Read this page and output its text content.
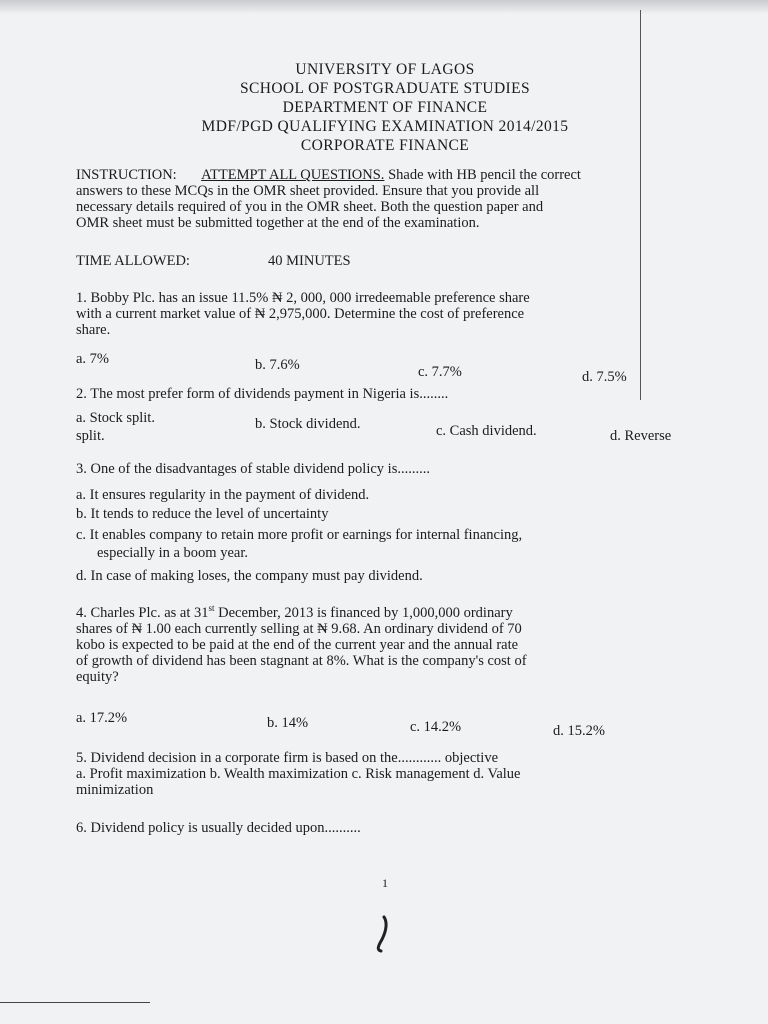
UNIVERSITY OF LAGOS
SCHOOL OF POSTGRADUATE STUDIES
DEPARTMENT OF FINANCE
MDF/PGD QUALIFYING EXAMINATION 2014/2015
CORPORATE FINANCE
INSTRUCTION: ATTEMPT ALL QUESTIONS. Shade with HB pencil the correct
answers to these MCQs in the OMR sheet provided. Ensure that you provide all
necessary details required of you in the OMR sheet. Both the question paper and
OMR sheet must be submitted together at the end of the examination.
TIME ALLOWED:	40 MINUTES
1. Bobby Plc. has an issue 11.5% ₦ 2, 000, 000 irredeemable preference share
with a current market value of ₦ 2,975,000. Determine the cost of preference
share.
a. 7%	b. 7.6%	c. 7.7%	d. 7.5%
2. The most prefer form of dividends payment in Nigeria is........
a. Stock split.	b. Stock dividend.	c. Cash dividend.	d. Reverse
split.
3. One of the disadvantages of stable dividend policy is.........
a. It ensures regularity in the payment of dividend.
b. It tends to reduce the level of uncertainty
c. It enables company to retain more profit or earnings for internal financing,
especially in a boom year.
d. In case of making loses, the company must pay dividend.
4. Charles Plc. as at 31st December, 2013 is financed by 1,000,000 ordinary
shares of ₦ 1.00 each currently selling at ₦ 9.68. An ordinary dividend of 70
kobo is expected to be paid at the end of the current year and the annual rate
of growth of dividend has been stagnant at 8%. What is the company's cost of
equity?
a. 17.2%	b. 14%	c. 14.2%	d. 15.2%
5. Dividend decision in a corporate firm is based on the............ objective
a. Profit maximization b. Wealth maximization c. Risk management d. Value
minimization
6. Dividend policy is usually decided upon..........
1
